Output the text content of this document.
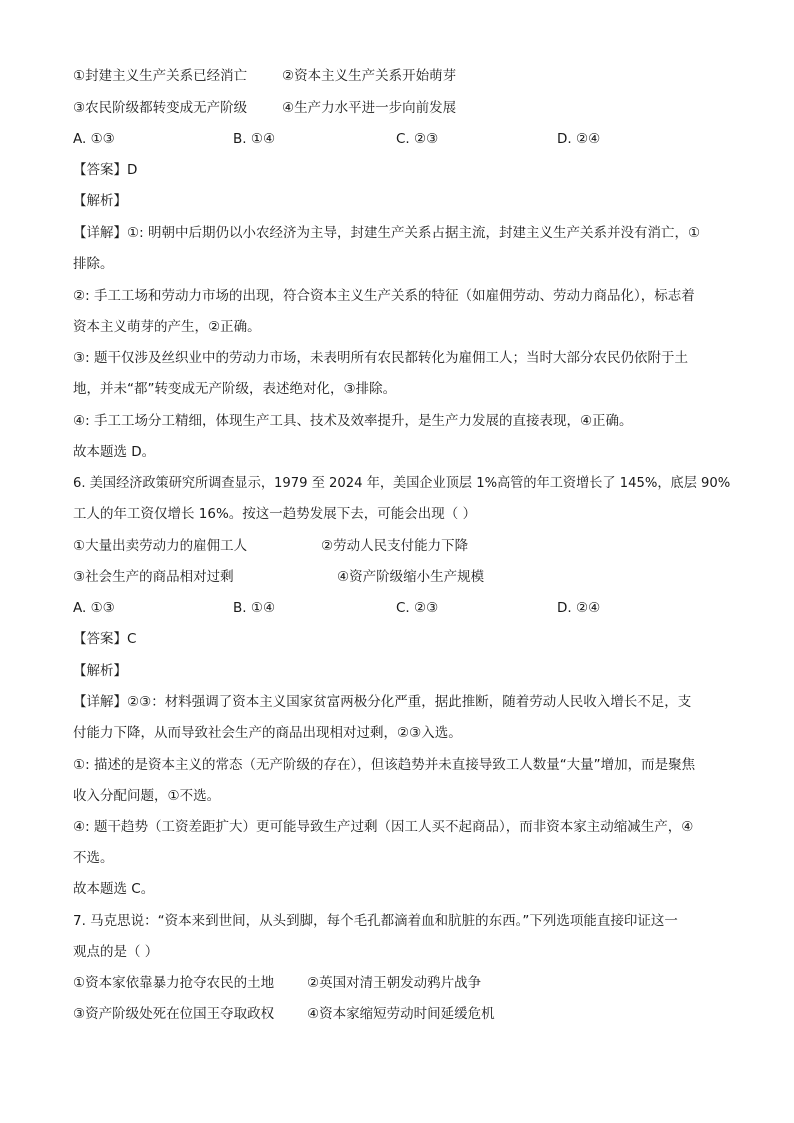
①封建主义生产关系已经消亡	②资本主义生产关系开始萌芽
③农民阶级都转变成无产阶级	④生产力水平进一步向前发展
A. ①③	B. ①④	C. ②③	D. ②④
【答案】D
【解析】
【详解】①: 明朝中后期仍以小农经济为主导，封建生产关系占据主流，封建主义生产关系并没有消亡，①
排除。
②: 手工工场和劳动力市场的出现，符合资本主义生产关系的特征（如雇佣劳动、劳动力商品化），标志着
资本主义萌芽的产生，②正确。
③: 题干仅涉及丝织业中的劳动力市场，未表明所有农民都转化为雇佣工人；当时大部分农民仍依附于土
地，并未“都”转变成无产阶级，表述绝对化，③排除。
④: 手工工场分工精细，体现生产工具、技术及效率提升，是生产力发展的直接表现，④正确。
故本题选 D。
6. 美国经济政策研究所调查显示，1979 至 2024 年，美国企业顶层 1%高管的年工资增长了 145%，底层 90%
工人的年工资仅增长 16%。按这一趋势发展下去，可能会出现（ ）
①大量出卖劳动力的雇佣工人	②劳动人民支付能力下降
③社会生产的商品相对过剩	④资产阶级缩小生产规模
A. ①③	B. ①④	C. ②③	D. ②④
【答案】C
【解析】
【详解】②③：材料强调了资本主义国家贫富两极分化严重，据此推断，随着劳动人民收入增长不足，支
付能力下降，从而导致社会生产的商品出现相对过剩，②③入选。
①: 描述的是资本主义的常态（无产阶级的存在），但该趋势并未直接导致工人数量“大量”增加，而是聚焦
收入分配问题，①不选。
④: 题干趋势（工资差距扩大）更可能导致生产过剩（因工人买不起商品），而非资本家主动缩减生产，④
不选。
故本题选 C。
7. 马克思说：“资本来到世间，从头到脚，每个毛孔都滴着血和肮脏的东西。”下列选项能直接印证这一
观点的是（ ）
①资本家依靠暴力抢夺农民的土地 ②英国对清王朝发动鸦片战争
③资产阶级处死在位国王夺取政权 ④资本家缩短劳动时间延缓危机
